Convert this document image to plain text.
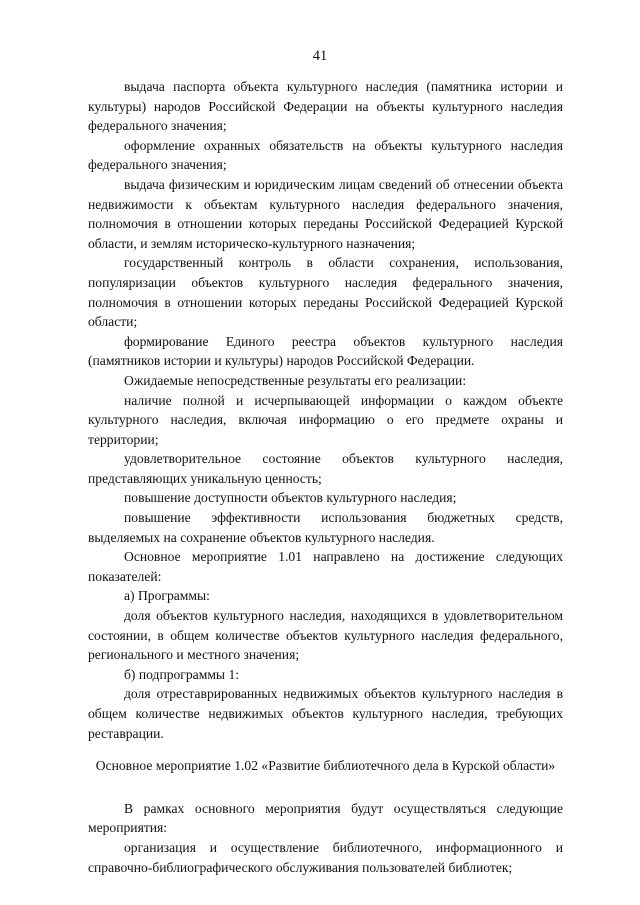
41

выдача паспорта объекта культурного наследия (памятника истории и культуры) народов Российской Федерации на объекты культурного наследия федерального значения;

оформление охранных обязательств на объекты культурного наследия федерального значения;

выдача физическим и юридическим лицам сведений об отнесении объекта недвижимости к объектам культурного наследия федерального значения, полномочия в отношении которых переданы Российской Федерацией Курской области, и землям историческо-культурного назначения;

государственный контроль в области сохранения, использования, популяризации объектов культурного наследия федерального значения, полномочия в отношении которых переданы Российской Федерацией Курской области;

формирование Единого реестра объектов культурного наследия (памятников истории и культуры) народов Российской Федерации.

Ожидаемые непосредственные результаты его реализации:

наличие полной и исчерпывающей информации о каждом объекте культурного наследия, включая информацию о его предмете охраны и территории;

удовлетворительное состояние объектов культурного наследия, представляющих уникальную ценность;

повышение доступности объектов культурного наследия;

повышение эффективности использования бюджетных средств, выделяемых на сохранение объектов культурного наследия.

Основное мероприятие 1.01 направлено на достижение следующих показателей:

а) Программы:

доля объектов культурного наследия, находящихся в удовлетворительном состоянии, в общем количестве объектов культурного наследия федерального, регионального и местного значения;

б) подпрограммы 1:

доля отреставрированных недвижимых объектов культурного наследия в общем количестве недвижимых объектов культурного наследия, требующих реставрации.

Основное мероприятие 1.02 «Развитие библиотечного дела в Курской области»

В рамках основного мероприятия будут осуществляться следующие мероприятия:

организация и осуществление библиотечного, информационного и справочно-библиографического обслуживания пользователей библиотек;
